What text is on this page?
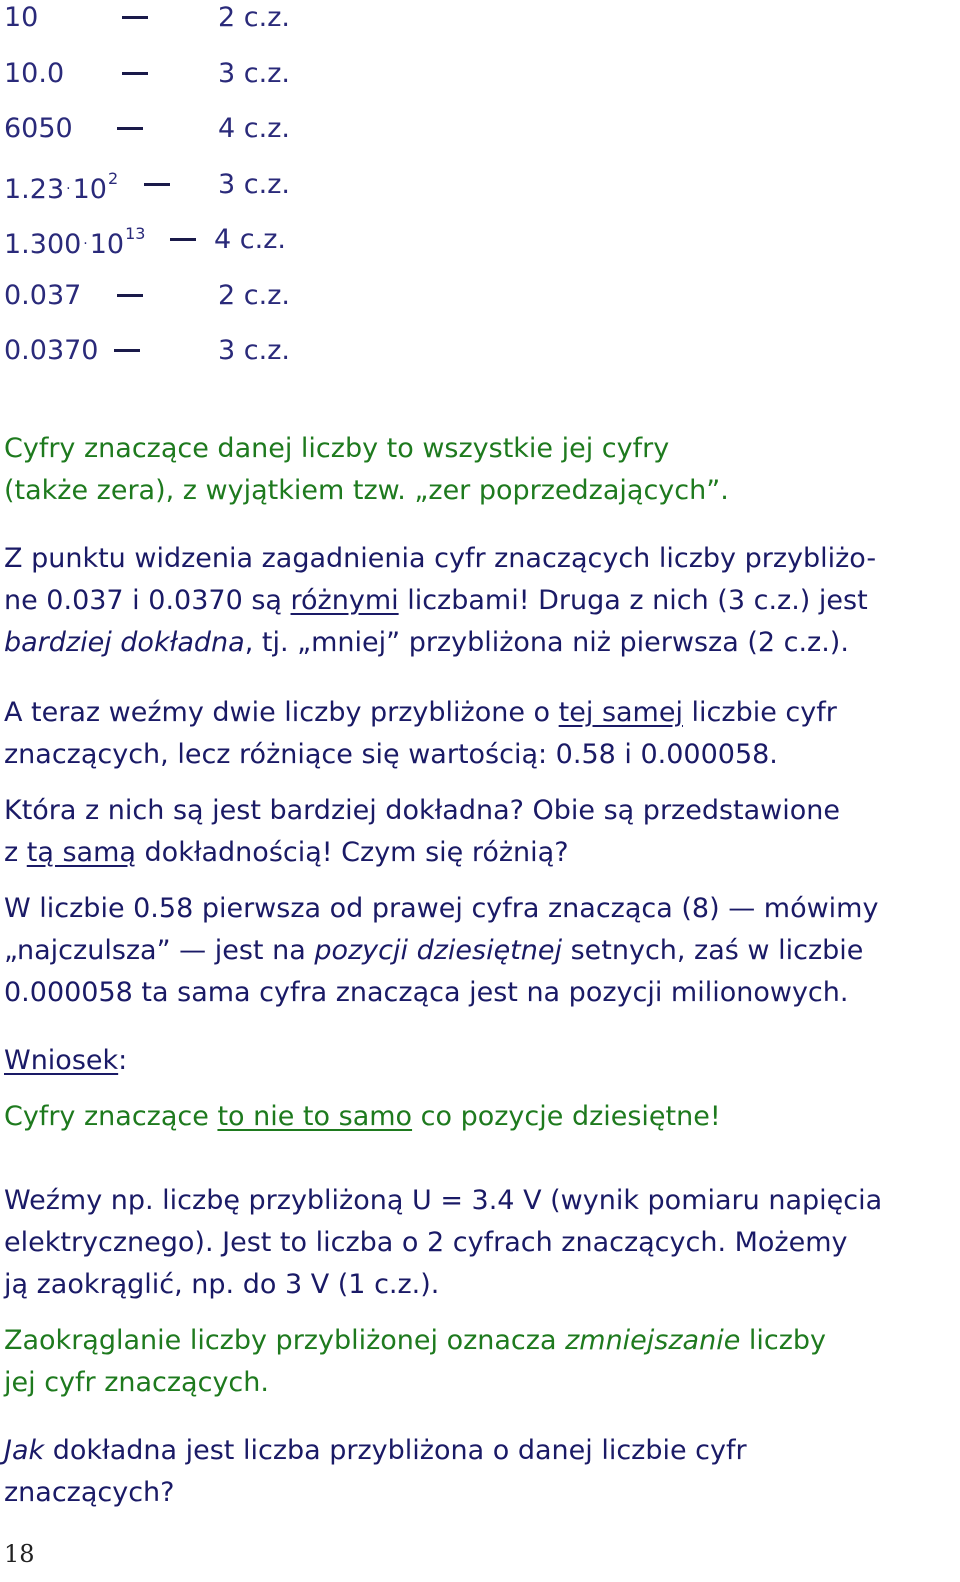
10	2 c.z.
10.0	3 c.z.
6050	4 c.z.
$1.23 \cdot 10^2$	3 c.z.
$1.300 \cdot 10^{13}$	4 c.z.
0.037	2 c.z.
0.0370	3 c.z.
Cyfry znaczące danej liczby to wszystkie jej cyfry
(także zera), z wyjątkiem tzw. „zer poprzedzających”.
Z punktu widzenia zagadnienia cyfr znaczących liczby przybliżo-
ne 0.037 i 0.0370 są różnymi liczbami! Druga z nich (3 c.z.) jest
bardziej dokładna, tj. „mniej” przybliżona niż pierwsza (2 c.z.).
A teraz weźmy dwie liczby przybliżone o tej samej liczbie cyfr
znaczących, lecz różniące się wartością: 0.58 i 0.000058.
Która z nich są jest bardziej dokładna? Obie są przedstawione
z tą samą dokładnością! Czym się różnią?
W liczbie 0.58 pierwsza od prawej cyfra znacząca (8) — mówimy
„najczulsza” — jest na pozycji dziesiętnej setnych, zaś w liczbie
0.000058 ta sama cyfra znacząca jest na pozycji milionowych.
Wniosek:
Cyfry znaczące to nie to samo co pozycje dziesiętne!
Weźmy np. liczbę przybliżoną U = 3.4 V (wynik pomiaru napięcia
elektrycznego). Jest to liczba o 2 cyfrach znaczących. Możemy
ją zaokrąglić, np. do 3 V (1 c.z.).
Zaokrąglanie liczby przybliżonej oznacza zmniejszanie liczby
jej cyfr znaczących.
Jak dokładna jest liczba przybliżona o danej liczbie cyfr
znaczących?
18
